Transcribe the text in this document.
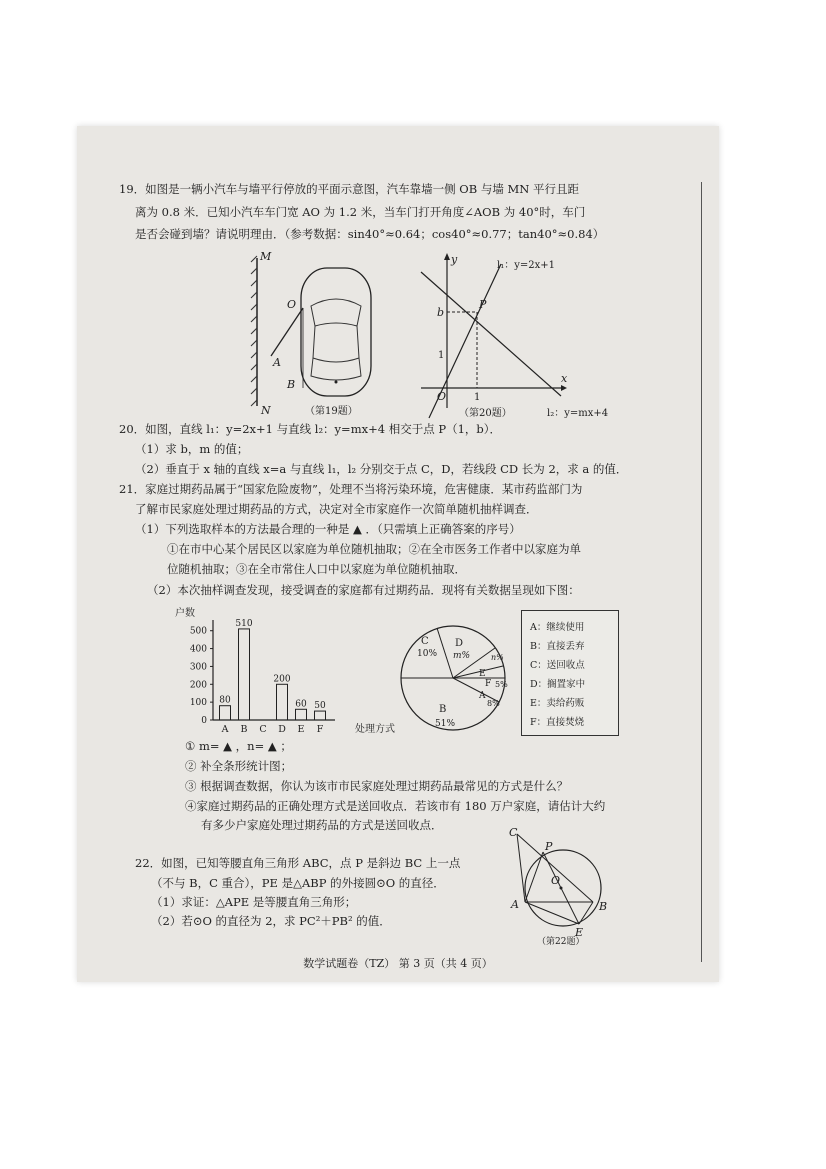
19．如图是一辆小汽车与墙平行停放的平面示意图，汽车靠墙一侧 OB 与墙 MN 平行且距
离为 0.8 米．已知小汽车车门宽 AO 为 1.2 米，当车门打开角度∠AOB 为 40°时，车门
是否会碰到墙？请说明理由．（参考数据：sin40°≈0.64；cos40°≈0.77；tan40°≈0.84）
M
N
O
A
B
（第19题）
x
y
O
P
b
1
1
l₁：y=2x+1
l₂：y=mx+4
（第20题）
20．如图，直线 l₁：y=2x+1 与直线 l₂：y=mx+4 相交于点 P（1，b）．
（1）求 b，m 的值；
（2）垂直于 x 轴的直线 x=a 与直线 l₁，l₂ 分别交于点 C，D，若线段 CD 长为 2，求 a 的值．
21．家庭过期药品属于“国家危险废物”，处理不当将污染环境，危害健康．某市药监部门为
了解市民家庭处理过期药品的方式，决定对全市家庭作一次简单随机抽样调查．
（1）下列选取样本的方法最合理的一种是 ▲ ．（只需填上正确答案的序号）
①在市中心某个居民区以家庭为单位随机抽取；②在全市医务工作者中以家庭为单
位随机抽取；③在全市常住人口中以家庭为单位随机抽取．
（2）本次抽样调查发现，接受调查的家庭都有过期药品．现将有关数据呈现如下图：
户数
处理方式
0
100
200
300
400
500
A
80
B
510
C D
200
E
60
F
50
C
10%
D
m%	n%
E
F 5%
A
8%
B
51%
A：继续使用
B：直接丢弃
C：送回收点
D：搁置家中
E：卖给药贩
F：直接焚烧
① m= ▲ ，n= ▲ ；
② 补全条形统计图；
③ 根据调查数据，你认为该市市民家庭处理过期药品最常见的方式是什么？
④家庭过期药品的正确处理方式是送回收点．若该市有 180 万户家庭，请估计大约
有多少户家庭处理过期药品的方式是送回收点．
22．如图，已知等腰直角三角形 ABC，点 P 是斜边 BC 上一点
（不与 B，C 重合），PE 是△ABP 的外接圆⊙O 的直径．
（1）求证：△APE 是等腰直角三角形；
（2）若⊙O 的直径为 2，求 PC²＋PB² 的值．
C
P
O
A	B
E
（第22题）
数学试题卷（TZ） 第 3 页（共 4 页）
